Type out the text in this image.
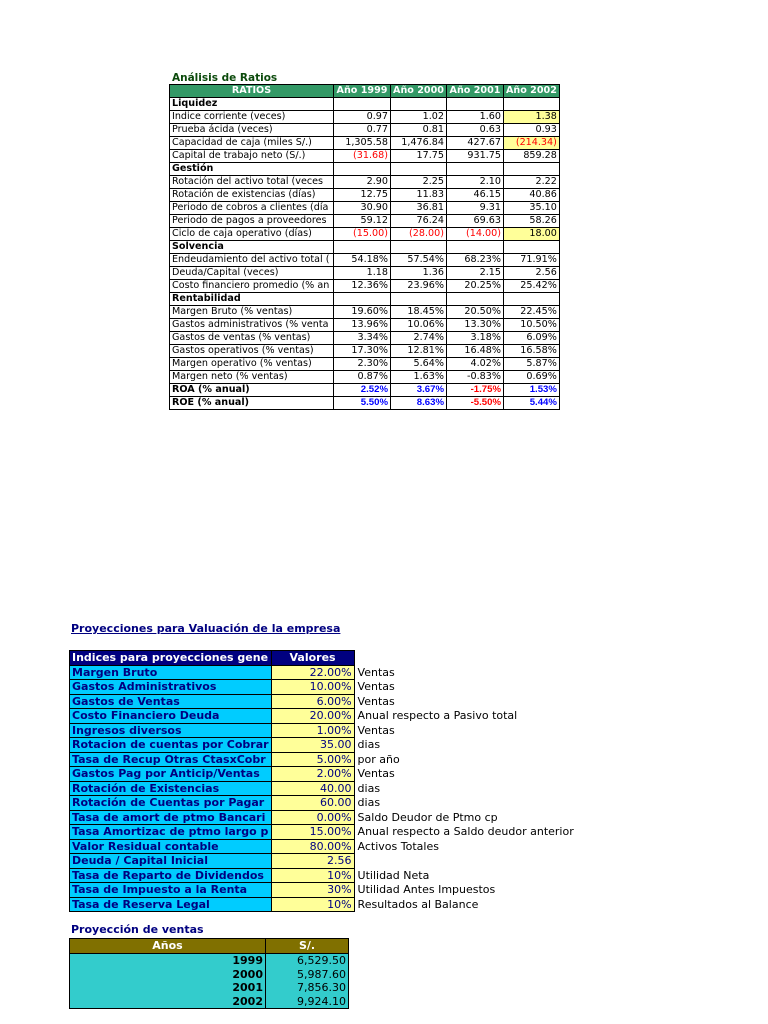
Análisis de Ratios
RATIOS	Año 1999	Año 2000	Año 2001	Año 2002
Liquidez				
Indice corriente (veces)	0.97	1.02	1.60	1.38
Prueba ácida (veces)	0.77	0.81	0.63	0.93
Capacidad de caja (miles S/.)	1,305.58	1,476.84	427.67	(214.34)
Capital de trabajo neto (S/.)	(31.68)	17.75	931.75	859.28
Gestión				
Rotación del activo total (veces	2.90	2.25	2.10	2.22
Rotación de existencias (días)	12.75	11.83	46.15	40.86
Periodo de cobros a clientes (día	30.90	36.81	9.31	35.10
Periodo de pagos a proveedores	59.12	76.24	69.63	58.26
Ciclo de caja operativo (días)	(15.00)	(28.00)	(14.00)	18.00
Solvencia				
Endeudamiento del activo total (	54.18%	57.54%	68.23%	71.91%
Deuda/Capital (veces)	1.18	1.36	2.15	2.56
Costo financiero promedio (% an	12.36%	23.96%	20.25%	25.42%
Rentabilidad				
Margen Bruto (% ventas)	19.60%	18.45%	20.50%	22.45%
Gastos administrativos (% venta	13.96%	10.06%	13.30%	10.50%
Gastos de ventas (% ventas)	3.34%	2.74%	3.18%	6.09%
Gastos operativos (% ventas)	17.30%	12.81%	16.48%	16.58%
Margen operativo (% ventas)	2.30%	5.64%	4.02%	5.87%
Margen neto (% ventas)	0.87%	1.63%	-0.83%	0.69%
ROA (% anual)	2.52%	3.67%	-1.75%	1.53%
ROE (% anual)	5.50%	8.63%	-5.50%	5.44%
Proyecciones para Valuación de la empresa
Indices para proyecciones gene	Valores	
Margen Bruto	22.00%	Ventas
Gastos Administrativos	10.00%	Ventas
Gastos de Ventas	6.00%	Ventas
Costo Financiero Deuda	20.00%	Anual respecto a Pasivo total
Ingresos diversos	1.00%	Ventas
Rotacion de cuentas por Cobrar	35.00	dias
Tasa de Recup Otras CtasxCobr	5.00%	por año
Gastos Pag por Anticip/Ventas	2.00%	Ventas
Rotación de Existencias	40.00	dias
Rotación de Cuentas por Pagar	60.00	dias
Tasa de amort de ptmo Bancari	0.00%	Saldo Deudor de Ptmo cp
Tasa Amortizac de ptmo largo p	15.00%	Anual respecto a Saldo deudor anterior
Valor Residual contable	80.00%	Activos Totales
Deuda / Capital Inicial	2.56	
Tasa de Reparto de Dividendos	10%	Utilidad Neta
Tasa de Impuesto a la Renta	30%	Utilidad Antes Impuestos
Tasa de Reserva Legal	10%	Resultados al Balance
Proyección de ventas
Años	S/.
1999	6,529.50
2000	5,987.60
2001	7,856.30
2002	9,924.10
